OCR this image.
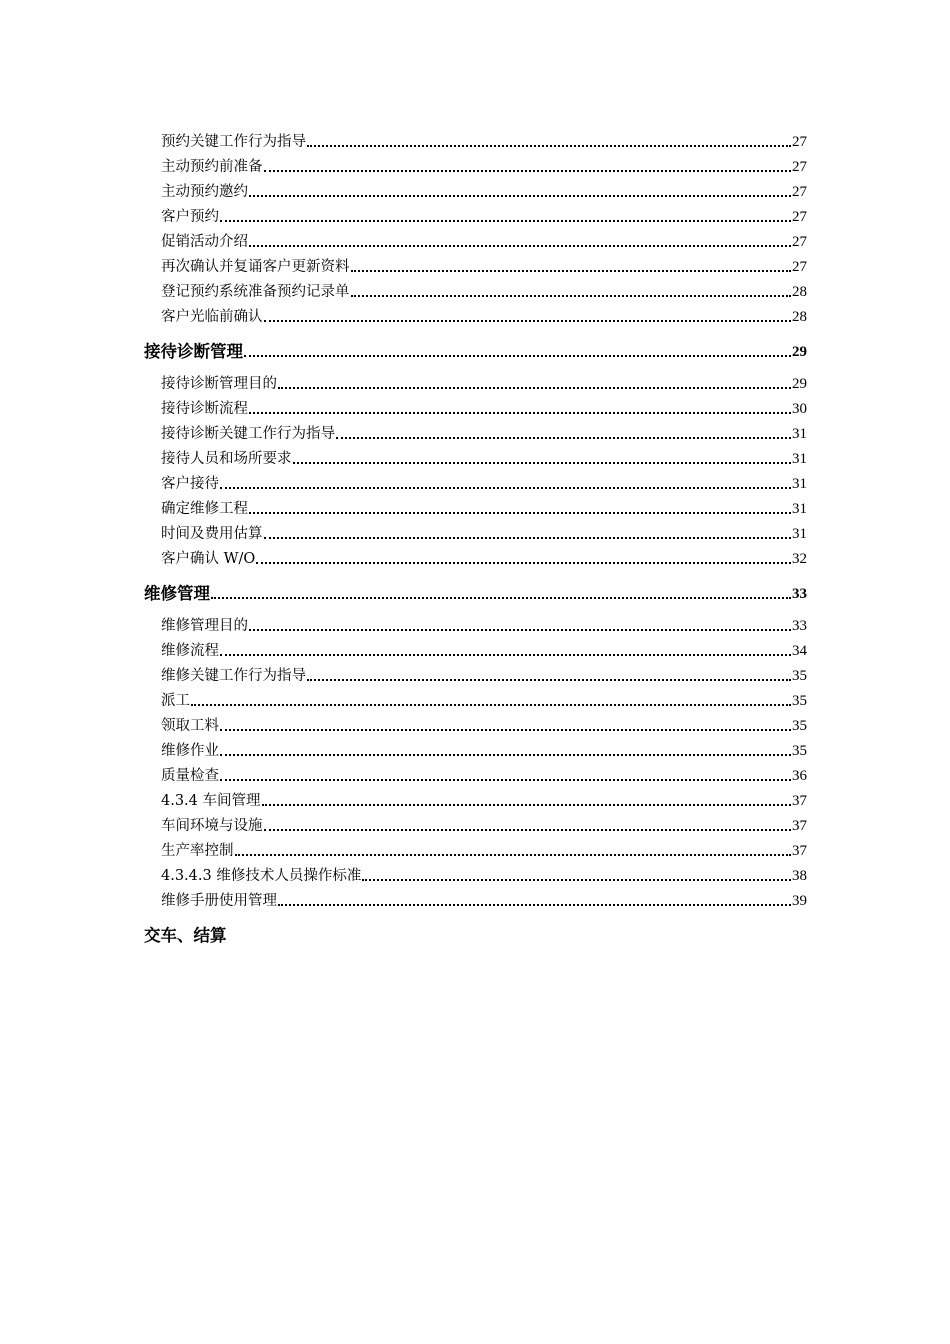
预约关键工作行为指导	27
主动预约前准备	27
主动预约邀约	27
客户预约	27
促销活动介绍	27
再次确认并复诵客户更新资料	27
登记预约系统准备预约记录单	28
客户光临前确认	28
接待诊断管理	29
接待诊断管理目的	29
接待诊断流程	30
接待诊断关键工作行为指导	31
接待人员和场所要求	31
客户接待	31
确定维修工程	31
时间及费用估算	31
客户确认 W/O	32
维修管理	33
维修管理目的	33
维修流程	34
维修关键工作行为指导	35
派工	35
领取工料	35
维修作业	35
质量检查	36
4.3.4 车间管理	37
车间环境与设施	37
生产率控制	37
4.3.4.3 维修技术人员操作标准	38
维修手册使用管理	39
交车、结算
